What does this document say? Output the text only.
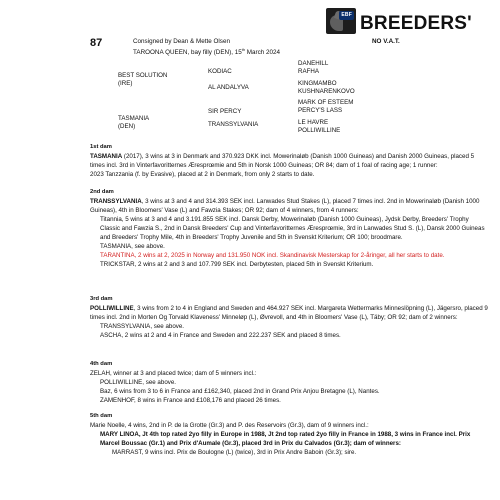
EBF BREEDERS'
87	Consigned by Dean & Mette Olsen	NO V.A.T.
TAROONA QUEEN, bay filly (DEN), 15th March 2024
BEST SOLUTION
(IRE)
KODIAC
AL ANDALYVA
DANEHILL
RAFHA
KINGMAMBO
KUSHNARENKOVO
TASMANIA
(DEN)
SIR PERCY
TRANSSYLVANIA
MARK OF ESTEEM
PERCY'S LASS
LE HAVRE
POLLIWILLINE
1st dam
TASMANIA (2017), 3 wins at 3 in Denmark and 370.923 DKK incl. Mowerinaløb (Danish 1000 Guineas) and Danish 2000 Guineas, placed 5 times incl. 3rd in Vinterfavoritternes Æresprœmie and 5th in Norsk 1000 Guineas; OR 84; dam of 1 foal of racing age; 1 runner:
2023 Tanzzania (f. by Evasive), placed at 2 in Denmark, from only 2 starts to date.
2nd dam
TRANSSYLVANIA, 3 wins at 3 and 4 and 314.393 SEK incl. Lanwades Stud Stakes (L), placed 7 times incl. 2nd in Mowerinaløb (Danish 1000 Guineas), 4th in Bloomers' Vase (L) and Fawzia Stakes; OR 92; dam of 4 winners, from 4 runners:
Titannia, 5 wins at 3 and 4 and 3.191.855 SEK incl. Dansk Derby, Mowerinaløb (Danish 1000 Guineas), Jydsk Derby, Breeders' Trophy Classic and Fawzia S., 2nd in Dansk Breeders' Cup and Vinterfavoritternes Æresprœmie, 3rd in Lanwades Stud S. (L), Dansk 2000 Guineas and Breeders' Trophy Mile, 4th in Breeders' Trophy Juvenile and 5th in Svenskt Kriterium; OR 100; broodmare.
TASMANIA, see above.
TARANTINA, 2 wins at 2, 2025 in Norway and 131.950 NOK incl. Skandinavisk Mesterskap for 2-åringer, all her starts to date.
TRICKSTAR, 2 wins at 2 and 3 and 107.799 SEK incl. Derbytesten, placed 5th in Svenskt Kriterium.
3rd dam
POLLIWILLINE, 3 wins from 2 to 4 in England and Sweden and 464.927 SEK incl. Margareta Wettermarks Minneslöpning (L), Jägersro, placed 9 times incl. 2nd in Morten Og Torvald Klaveness' Minneløp (L), Øvrevoll, and 4th in Bloomers' Vase (L), Täby; OR 92; dam of 2 winners:
TRANSSYLVANIA, see above.
ASCHA, 2 wins at 2 and 4 in France and Sweden and 222.237 SEK and placed 8 times.
4th dam
ZELAH, winner at 3 and placed twice; dam of 5 winners incl.:
POLLIWILLINE, see above.
Baz, 6 wins from 3 to 6 in France and £162,340, placed 2nd in Grand Prix Anjou Bretagne (L), Nantes.
ZAMENHOF, 8 wins in France and £108,176 and placed 26 times.
5th dam
Marie Noelle, 4 wins, 2nd in P. de la Grotte (Gr.3) and P. des Reservoirs (Gr.3), dam of 9 winners incl.:
MARY LINOA, Jt 4th top rated 2yo filly in Europe in 1988, Jt 2nd top rated 2yo filly in France in 1988, 3 wins in France incl. Prix Marcel Boussac (Gr.1) and Prix d'Aumale (Gr.3), placed 3rd in Prix du Calvados (Gr.3); dam of winners:
MARRAST, 9 wins incl. Prix de Boulogne (L) (twice), 3rd in Prix Andre Baboin (Gr.3); sire.
